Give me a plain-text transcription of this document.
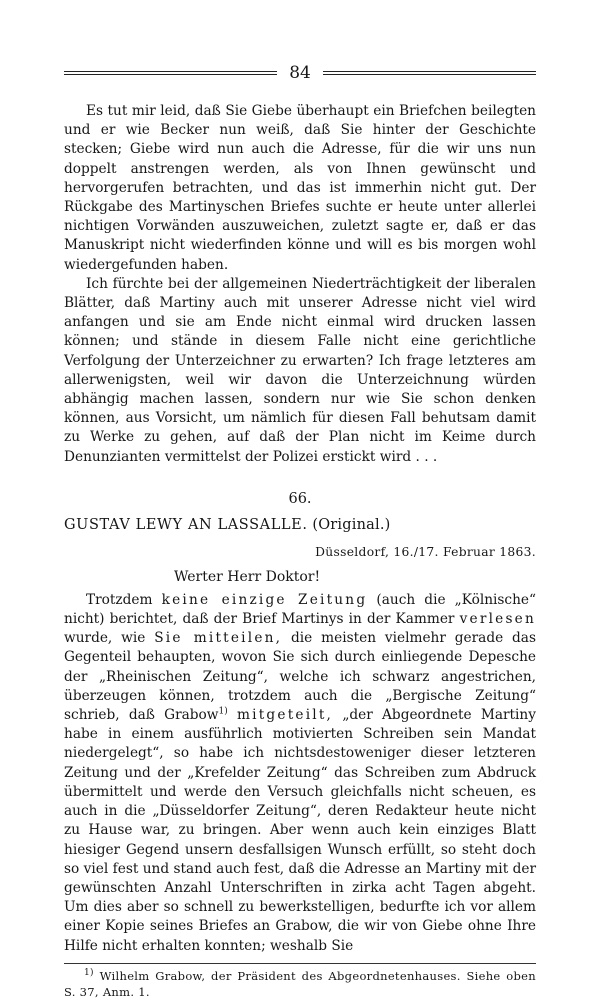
84

Es tut mir leid, daß Sie Giebe überhaupt ein Briefchen beilegten und er wie Becker nun weiß, daß Sie hinter der Geschichte stecken; Giebe wird nun auch die Adresse, für die wir uns nun doppelt anstrengen werden, als von Ihnen gewünscht und hervorgerufen betrachten, und das ist immerhin nicht gut. Der Rückgabe des Martinyschen Briefes suchte er heute unter allerlei nichtigen Vorwänden auszuweichen, zuletzt sagte er, daß er das Manuskript nicht wiederfinden könne und will es bis morgen wohl wiedergefunden haben.

Ich fürchte bei der allgemeinen Niederträchtigkeit der liberalen Blätter, daß Martiny auch mit unserer Adresse nicht viel wird anfangen und sie am Ende nicht einmal wird drucken lassen können; und stände in diesem Falle nicht eine gerichtliche Verfolgung der Unterzeichner zu erwarten? Ich frage letzteres am allerwenigsten, weil wir davon die Unterzeichnung würden abhängig machen lassen, sondern nur wie Sie schon denken können, aus Vorsicht, um nämlich für diesen Fall behutsam damit zu Werke zu gehen, auf daß der Plan nicht im Keime durch Denunzianten vermittelst der Polizei erstickt wird . . .

66.
GUSTAV LEWY AN LASSALLE. (Original.)
Düsseldorf, 16./17. Februar 1863.
Werter Herr Doktor!

Trotzdem keine einzige Zeitung (auch die „Kölnische“ nicht) berichtet, daß der Brief Martinys in der Kammer verlesen wurde, wie Sie mitteilen, die meisten vielmehr gerade das Gegenteil behaupten, wovon Sie sich durch einliegende Depesche der „Rheinischen Zeitung“, welche ich schwarz angestrichen, überzeugen können, trotzdem auch die „Bergische Zeitung“ schrieb, daß Grabow$^{1)}$ mitgeteilt, „der Abgeordnete Martiny habe in einem ausführlich motivierten Schreiben sein Mandat niedergelegt“, so habe ich nichtsdestoweniger dieser letzteren Zeitung und der „Krefelder Zeitung“ das Schreiben zum Abdruck übermittelt und werde den Versuch gleichfalls nicht scheuen, es auch in die „Düsseldorfer Zeitung“, deren Redakteur heute nicht zu Hause war, zu bringen. Aber wenn auch kein einziges Blatt hiesiger Gegend unsern desfallsigen Wunsch erfüllt, so steht doch so viel fest und stand auch fest, daß die Adresse an Martiny mit der gewünschten Anzahl Unterschriften in zirka acht Tagen abgeht. Um dies aber so schnell zu bewerkstelligen, bedurfte ich vor allem einer Kopie seines Briefes an Grabow, die wir von Giebe ohne Ihre Hilfe nicht erhalten konnten; weshalb Sie

$^{1)}$ Wilhelm Grabow, der Präsident des Abgeordnetenhauses. Siehe oben S. 37, Anm. 1.
